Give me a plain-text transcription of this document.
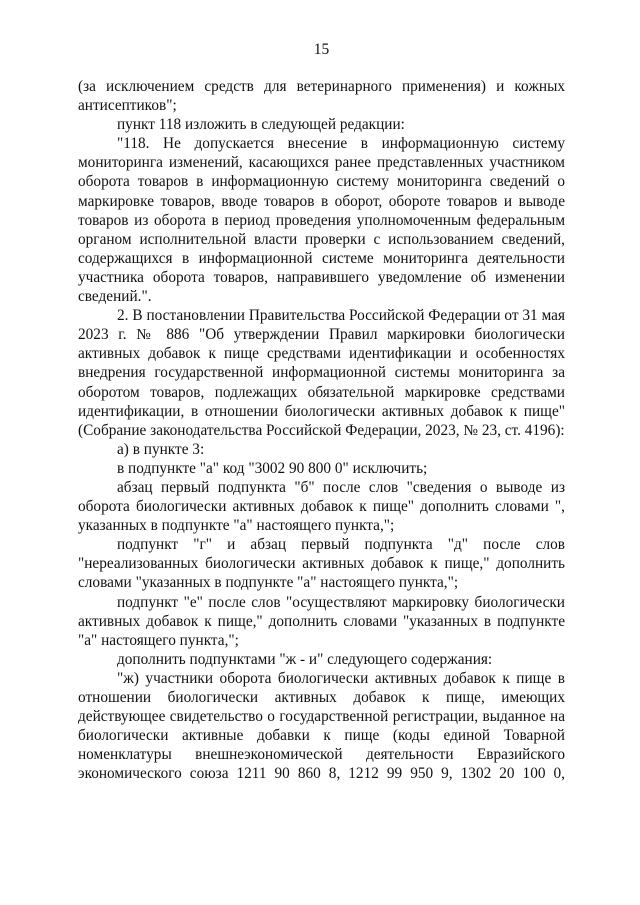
15

(за исключением средств для ветеринарного применения) и кожных антисептиков";

пункт 118 изложить в следующей редакции:

"118. Не допускается внесение в информационную систему мониторинга изменений, касающихся ранее представленных участником оборота товаров в информационную систему мониторинга сведений о маркировке товаров, вводе товаров в оборот, обороте товаров и выводе товаров из оборота в период проведения уполномоченным федеральным органом исполнительной власти проверки с использованием сведений, содержащихся в информационной системе мониторинга деятельности участника оборота товаров, направившего уведомление об изменении сведений.".

2. В постановлении Правительства Российской Федерации от 31 мая 2023 г. № 886 "Об утверждении Правил маркировки биологически активных добавок к пище средствами идентификации и особенностях внедрения государственной информационной системы мониторинга за оборотом товаров, подлежащих обязательной маркировке средствами идентификации, в отношении биологически активных добавок к пище" (Собрание законодательства Российской Федерации, 2023, № 23, ст. 4196):

а) в пункте 3:

в подпункте "а" код "3002 90 800 0" исключить;

абзац первый подпункта "б" после слов "сведения о выводе из оборота биологически активных добавок к пище" дополнить словами ", указанных в подпункте "а" настоящего пункта,";

подпункт "г" и абзац первый подпункта "д" после слов "нереализованных биологически активных добавок к пище," дополнить словами "указанных в подпункте "а" настоящего пункта,";

подпункт "е" после слов "осуществляют маркировку биологически активных добавок к пище," дополнить словами "указанных в подпункте "а" настоящего пункта,";

дополнить подпунктами "ж - и" следующего содержания:

"ж) участники оборота биологически активных добавок к пище в отношении биологически активных добавок к пище, имеющих действующее свидетельство о государственной регистрации, выданное на биологически активные добавки к пище (коды единой Товарной номенклатуры внешнеэкономической деятельности Евразийского экономического союза 1211 90 860 8, 1212 99 950 9, 1302 20 100 0,
